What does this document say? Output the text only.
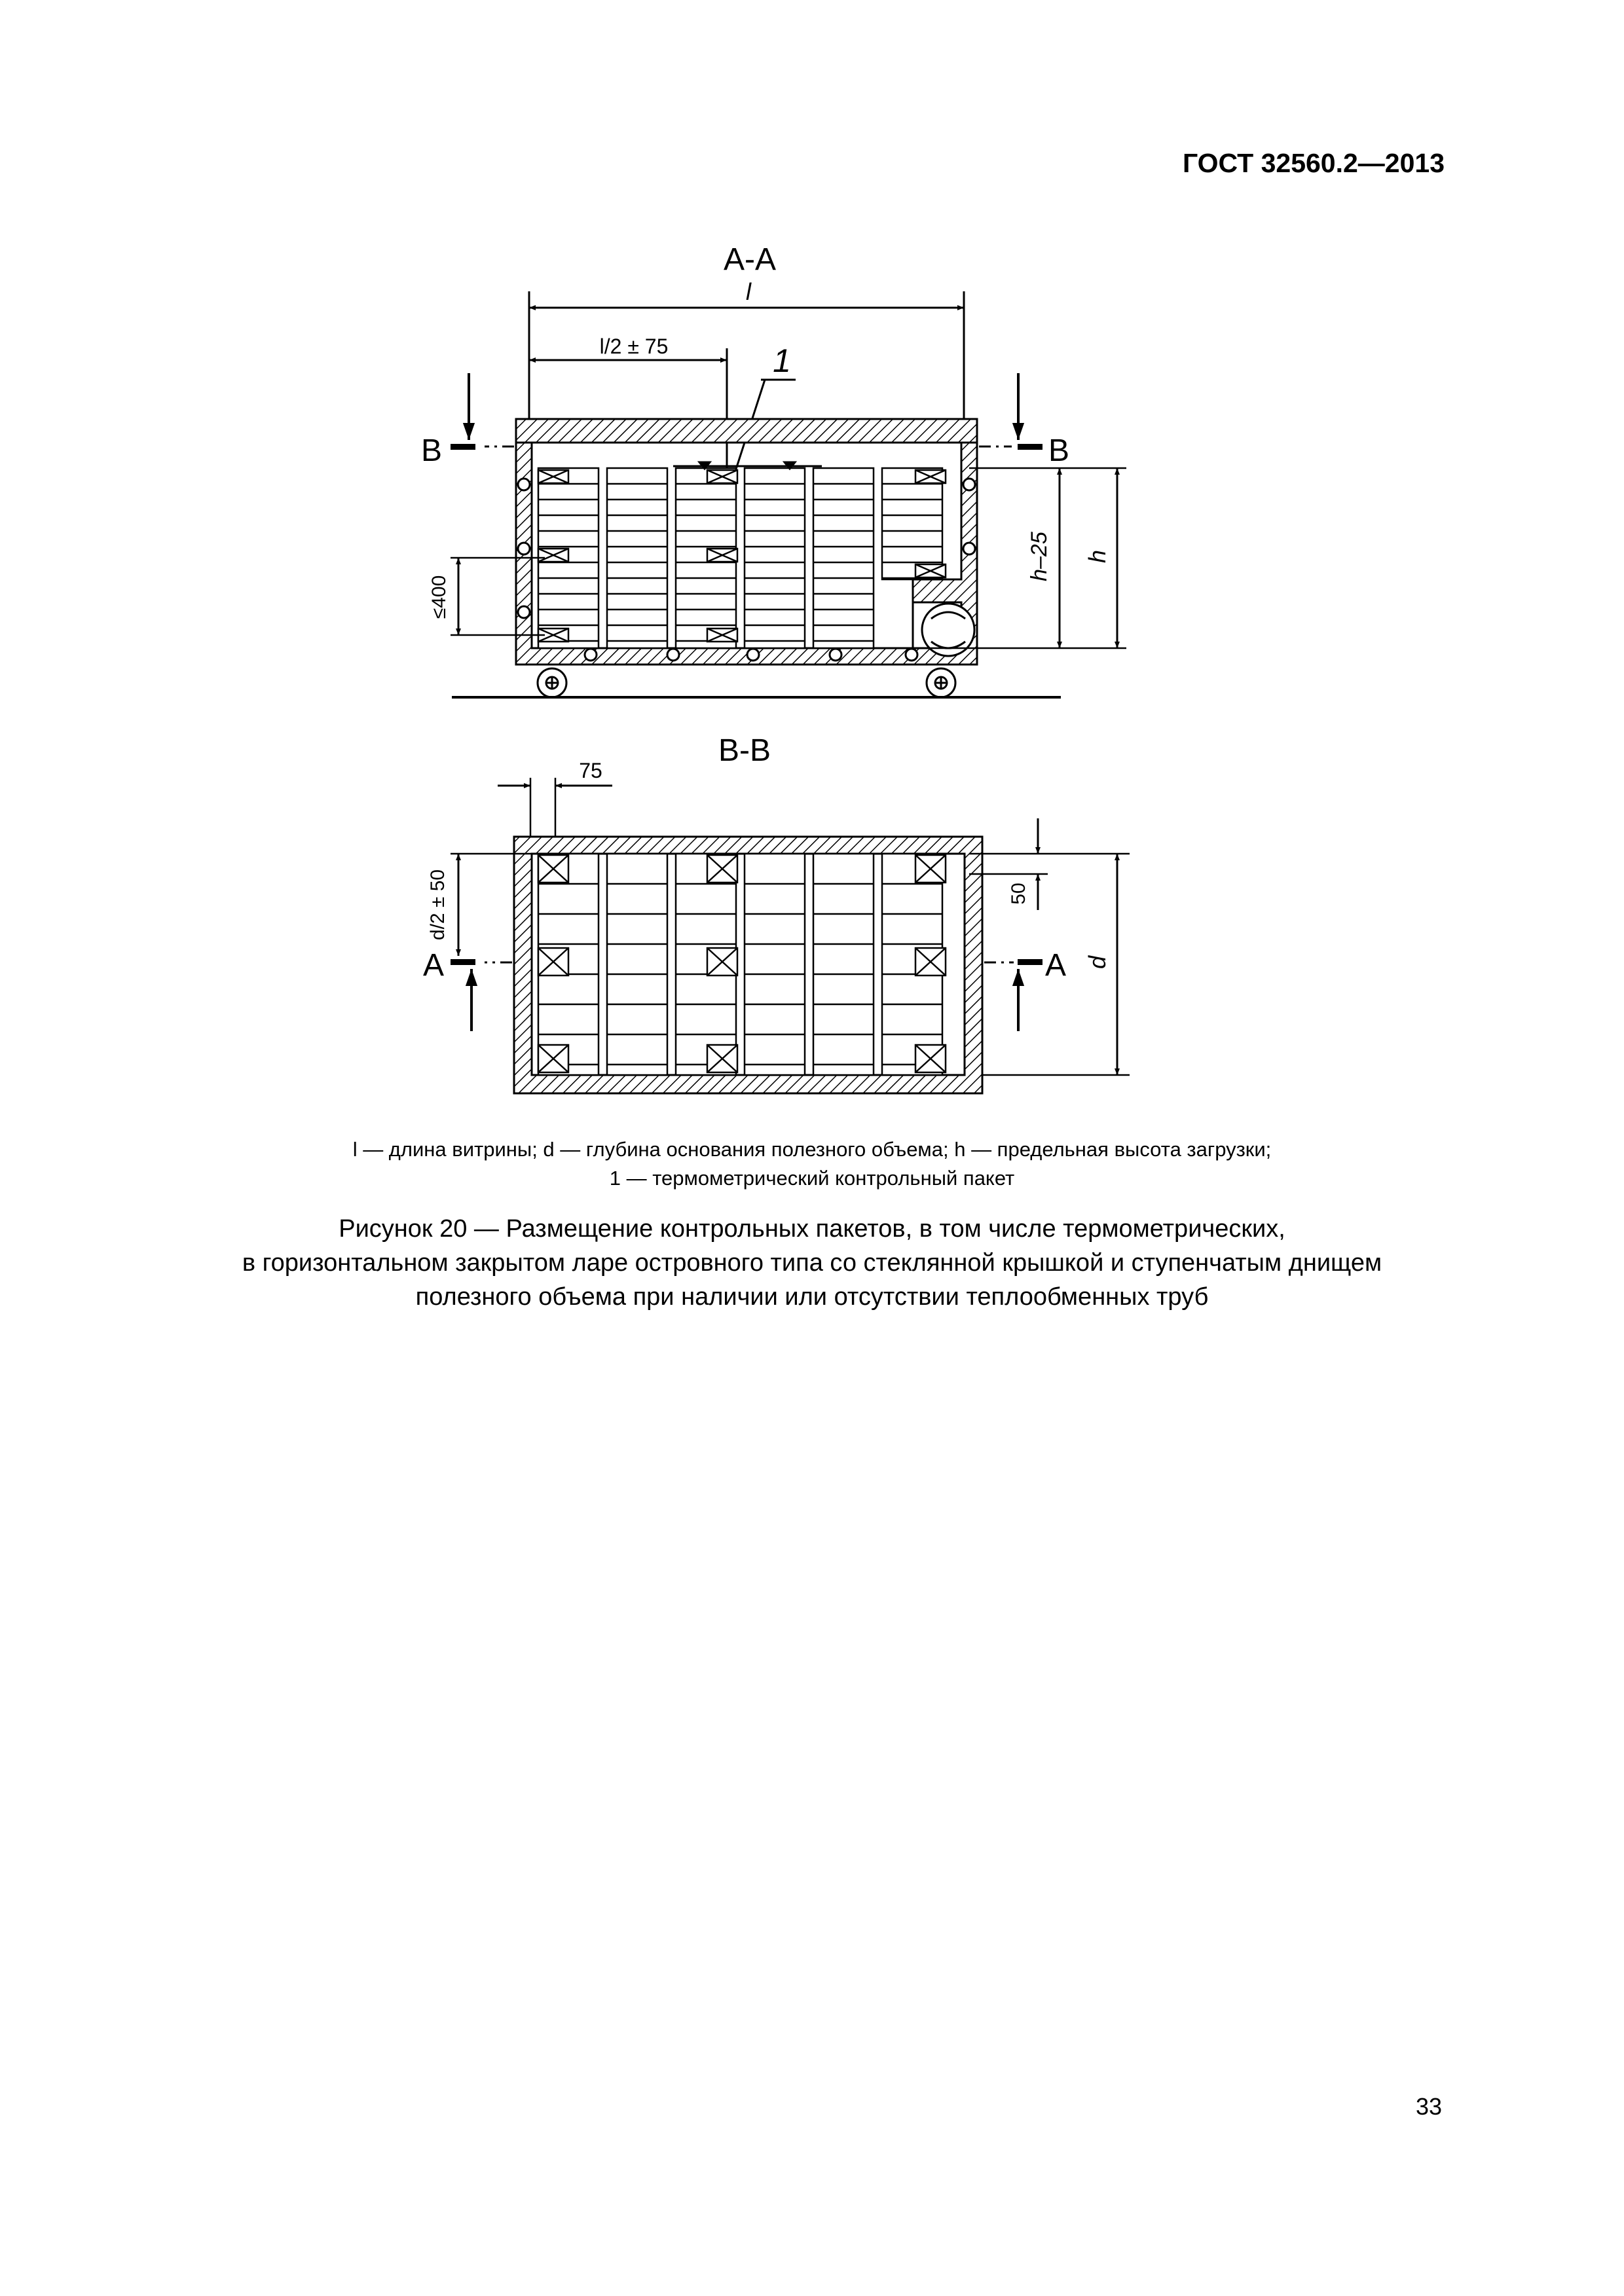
ГОСТ 32560.2—2013
А-А
l
l/2 ± 75	1
В	В
≤400
h–25 h
В-В
75
А	А
d/2 ± 50	50
d
l — длина витрины; d — глубина основания полезного объема; h — предельная высота загрузки;
1 — термометрический контрольный пакет
Рисунок 20 — Размещение контрольных пакетов, в том числе термометрических,
в горизонтальном закрытом ларе островного типа со стеклянной крышкой и ступенчатым днищем
полезного объема при наличии или отсутствии теплообменных труб
33
